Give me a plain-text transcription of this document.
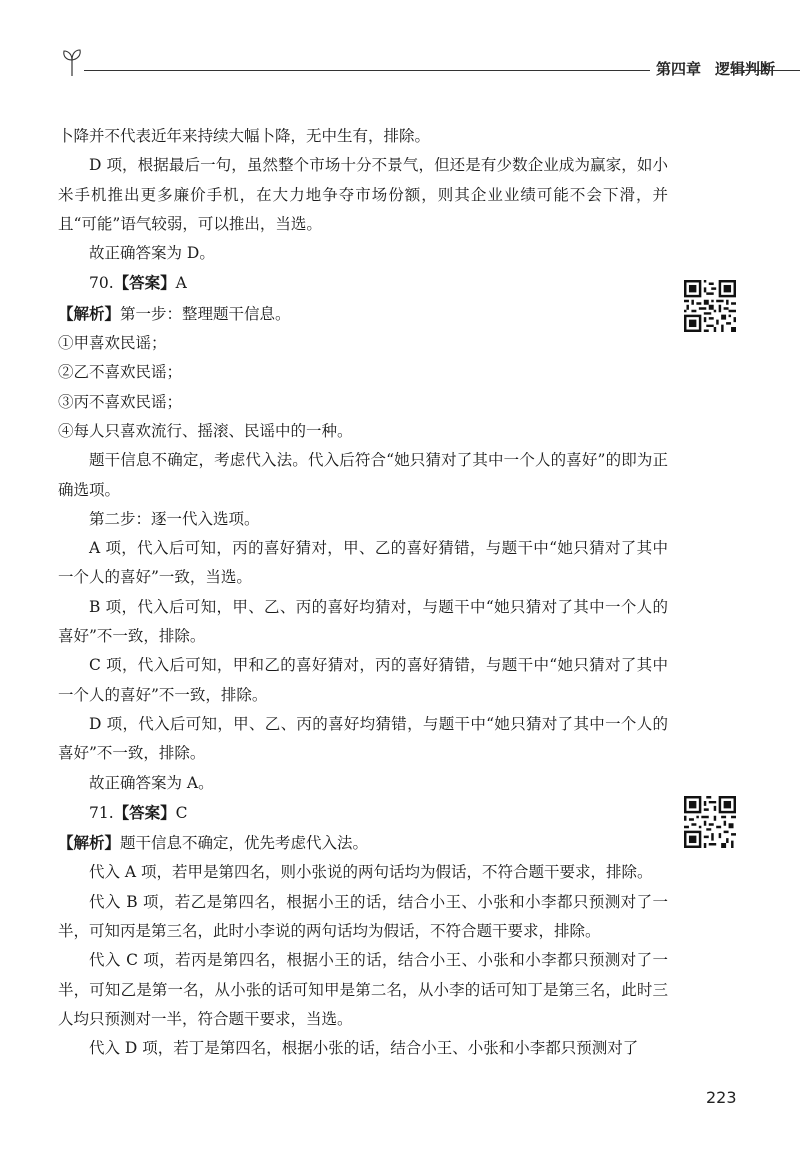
第四章 逻辑判断

卜降并不代表近年来持续大幅卜降，无中生有，排除。

D 项，根据最后一句，虽然整个市场十分不景气，但还是有少数企业成为赢家，如小米手机推出更多廉价手机，在大力地争夺市场份额，则其企业业绩可能不会下滑，并且“可能”语气较弱，可以推出，当选。

故正确答案为 D。

70.【答案】A

【解析】第一步：整理题干信息。

①甲喜欢民谣；

②乙不喜欢民谣；

③丙不喜欢民谣；

④每人只喜欢流行、摇滚、民谣中的一种。

题干信息不确定，考虑代入法。代入后符合“她只猜对了其中一个人的喜好”的即为正确选项。

第二步：逐一代入选项。

A 项，代入后可知，丙的喜好猜对，甲、乙的喜好猜错，与题干中“她只猜对了其中一个人的喜好”一致，当选。

B 项，代入后可知，甲、乙、丙的喜好均猜对，与题干中“她只猜对了其中一个人的喜好”不一致，排除。

C 项，代入后可知，甲和乙的喜好猜对，丙的喜好猜错，与题干中“她只猜对了其中一个人的喜好”不一致，排除。

D 项，代入后可知，甲、乙、丙的喜好均猜错，与题干中“她只猜对了其中一个人的喜好”不一致，排除。

故正确答案为 A。

71.【答案】C

【解析】题干信息不确定，优先考虑代入法。

代入 A 项，若甲是第四名，则小张说的两句话均为假话，不符合题干要求，排除。

代入 B 项，若乙是第四名，根据小王的话，结合小王、小张和小李都只预测对了一半，可知丙是第三名，此时小李说的两句话均为假话，不符合题干要求，排除。

代入 C 项，若丙是第四名，根据小王的话，结合小王、小张和小李都只预测对了一半，可知乙是第一名，从小张的话可知甲是第二名，从小李的话可知丁是第三名，此时三人均只预测对一半，符合题干要求，当选。

代入 D 项，若丁是第四名，根据小张的话，结合小王、小张和小李都只预测对了

223
